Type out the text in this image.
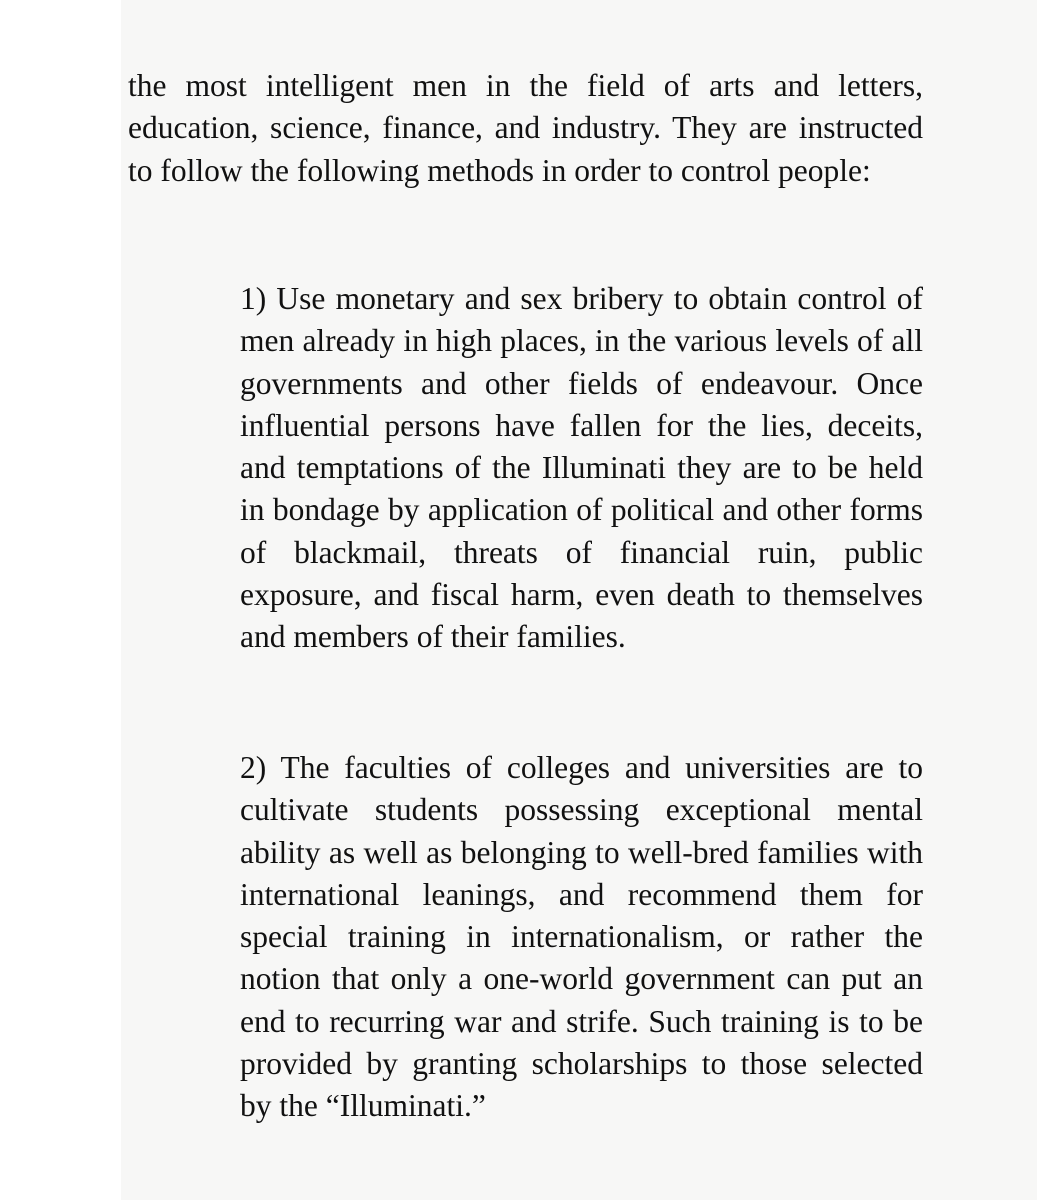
the most intelligent men in the field of arts and letters, education, science, finance, and industry. They are instructed to follow the following methods in order to control people:

1) Use monetary and sex bribery to obtain control of men already in high places, in the various levels of all governments and other fields of endeavour. Once influential persons have fallen for the lies, deceits, and temptations of the Illuminati they are to be held in bondage by application of political and other forms of blackmail, threats of financial ruin, public exposure, and fiscal harm, even death to themselves and members of their families.

2) The faculties of colleges and universities are to cultivate students possessing exceptional mental ability as well as belonging to well-bred families with international leanings, and recommend them for special training in internationalism, or rather the notion that only a one-world government can put an end to recurring war and strife. Such training is to be provided by granting scholarships to those selected by the “Illuminati.”
